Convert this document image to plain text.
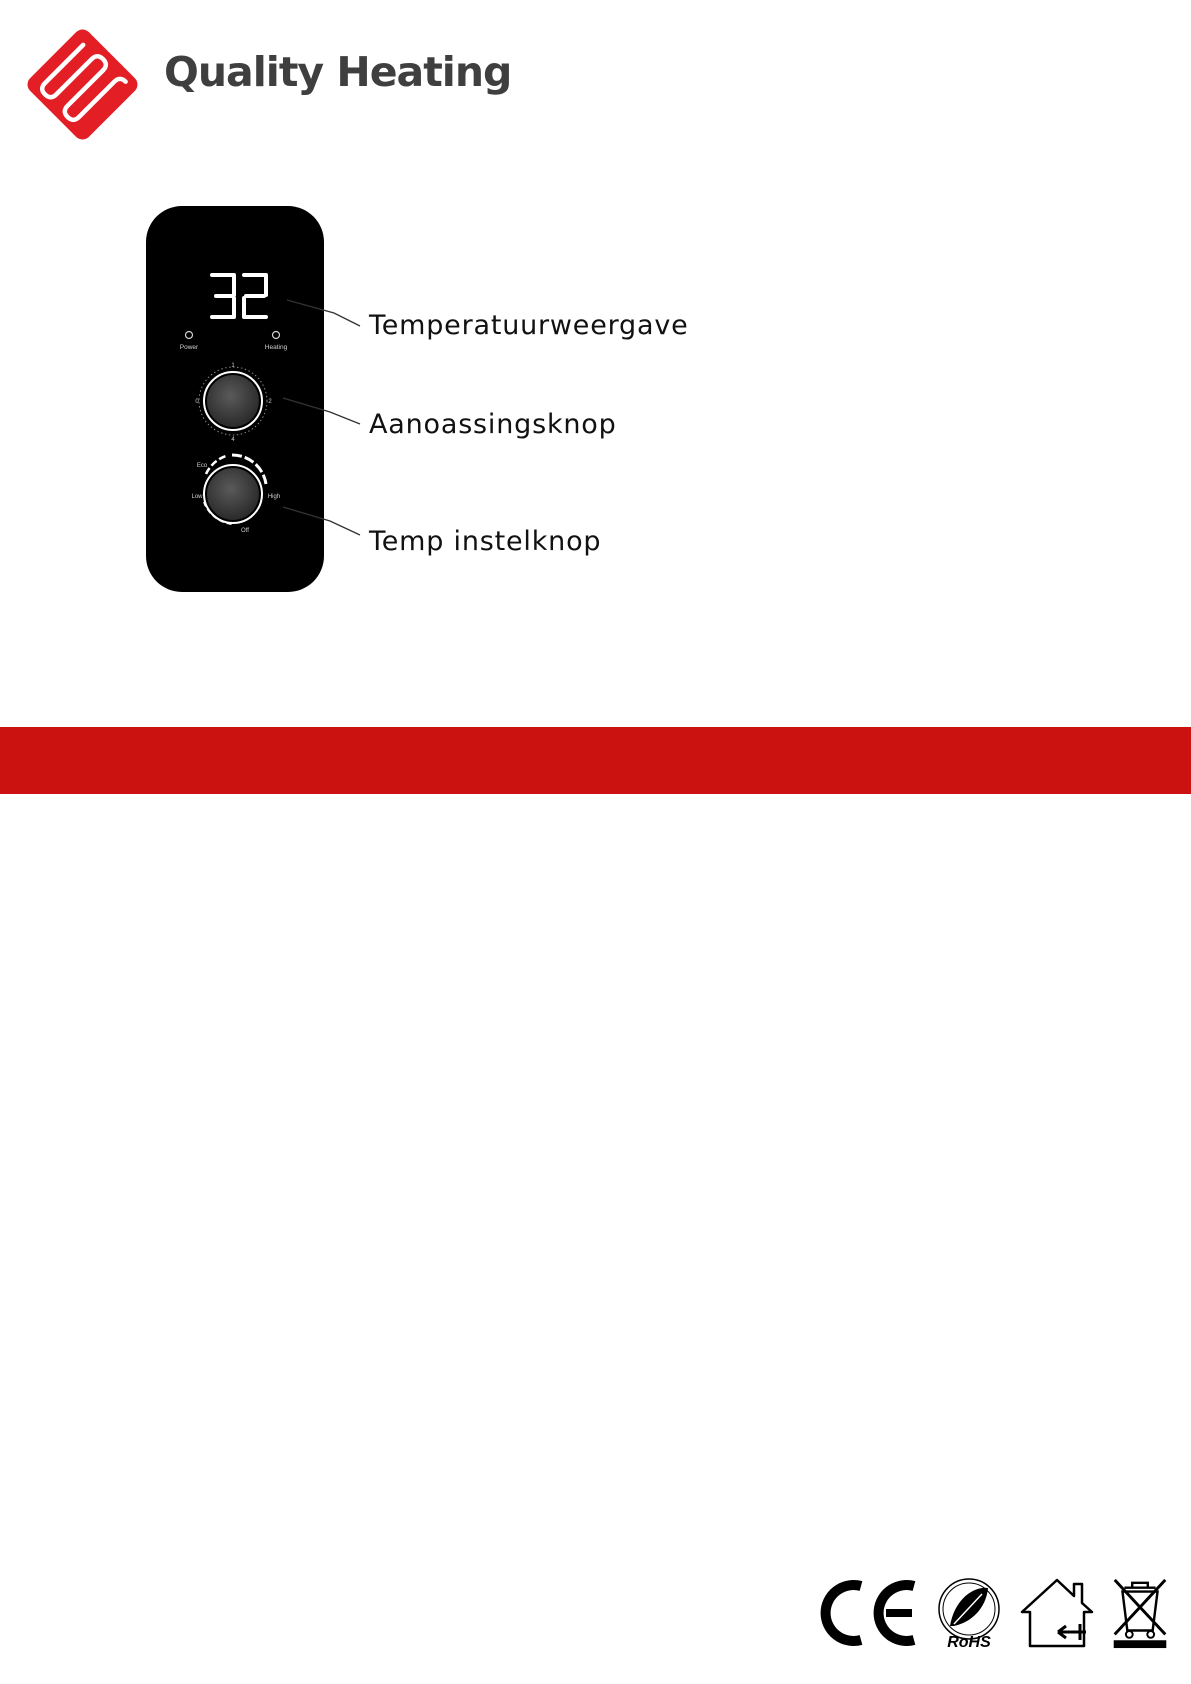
Quality Heating
32
Power	Heating
1
2
0
4
Eco
Low	High
Off

Temperatuurweergave

Aanoassingsknop

Temp instelknop

RoHS
